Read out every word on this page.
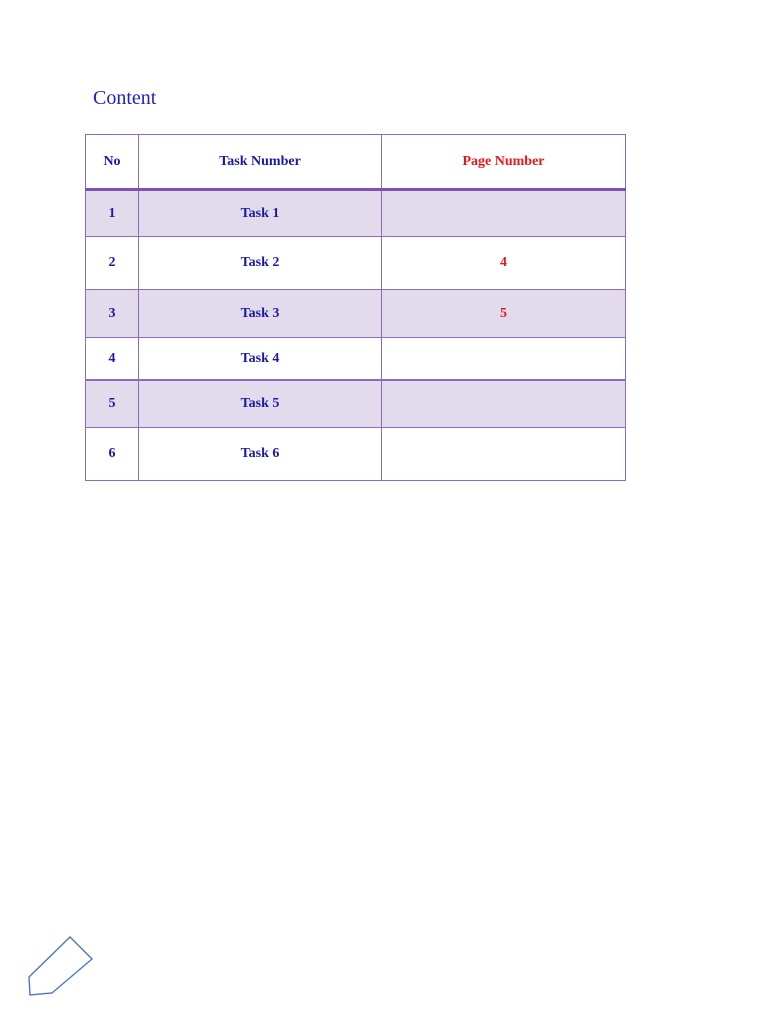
Content
No	Task Number	Page Number
1	Task 1	
2	Task 2	4
3	Task 3	5
4	Task 4	
5	Task 5	
6	Task 6	
